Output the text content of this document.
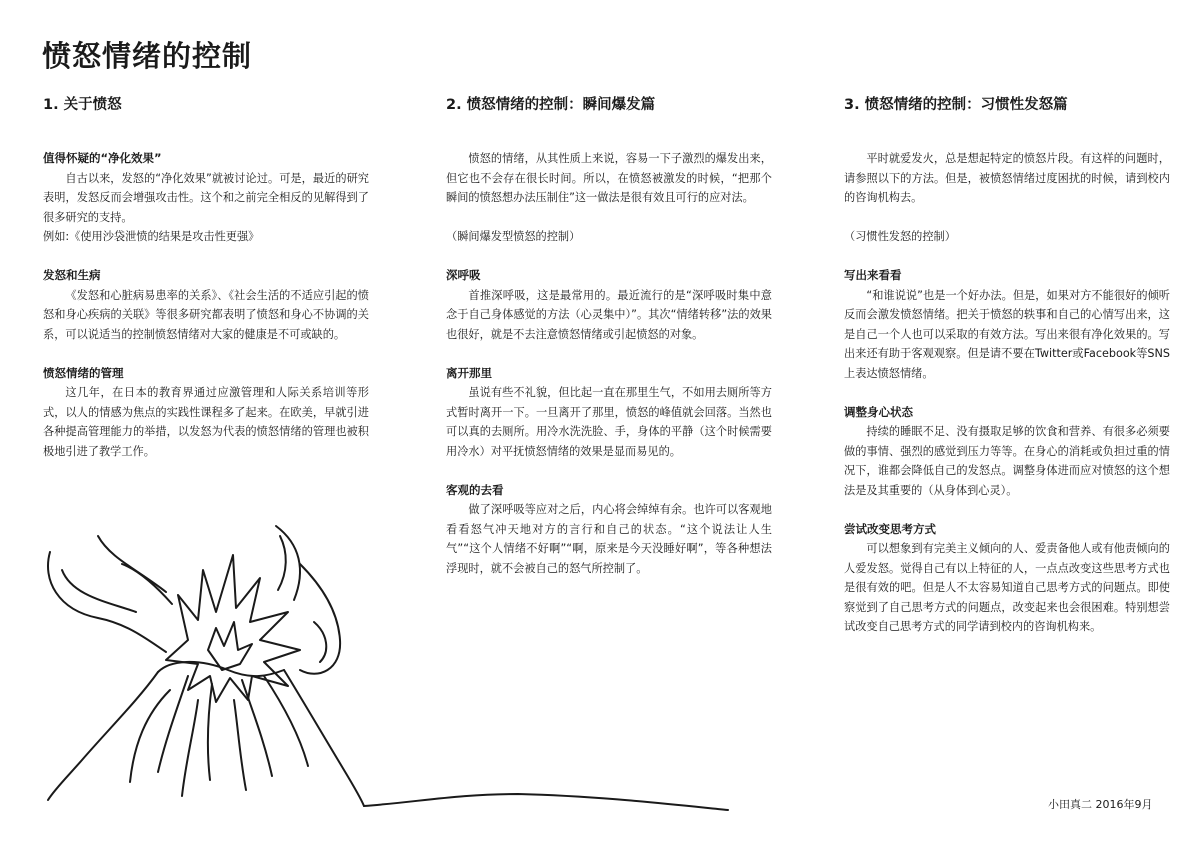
愤怒情绪的控制
1. 关于愤怒

值得怀疑的“净化效果”

自古以来，发怒的“净化效果”就被讨论过。可是，最近的研究表明，发怒反而会增强攻击性。这个和之前完全相反的见解得到了很多研究的支持。

例如:《使用沙袋泄愤的结果是攻击性更强》

发怒和生病

《发怒和心脏病易患率的关系》、《社会生活的不适应引起的愤怒和身心疾病的关联》等很多研究都表明了愤怒和身心不协调的关系，可以说适当的控制愤怒情绪对大家的健康是不可或缺的。

愤怒情绪的管理

这几年，在日本的教育界通过应激管理和人际关系培训等形式，以人的情感为焦点的实践性课程多了起来。在欧美，早就引进各种提高管理能力的举措，以发怒为代表的愤怒情绪的管理也被积极地引进了教学工作。

2. 愤怒情绪的控制：瞬间爆发篇

愤怒的情绪，从其性质上来说，容易一下子激烈的爆发出来，但它也不会存在很长时间。所以，在愤怒被激发的时候，“把那个瞬间的愤怒想办法压制住”这一做法是很有效且可行的应对法。

（瞬间爆发型愤怒的控制）

深呼吸

首推深呼吸，这是最常用的。最近流行的是“深呼吸时集中意念于自己身体感觉的方法（心灵集中）”。其次“情绪转移”法的效果也很好，就是不去注意愤怒情绪或引起愤怒的对象。

离开那里

虽说有些不礼貌，但比起一直在那里生气，不如用去厕所等方式暂时离开一下。一旦离开了那里，愤怒的峰值就会回落。当然也可以真的去厕所。用冷水洗洗脸、手，身体的平静（这个时候需要用冷水）对平抚愤怒情绪的效果是显而易见的。

客观的去看

做了深呼吸等应对之后，内心将会绰绰有余。也许可以客观地看看怒气冲天地对方的言行和自己的状态。“这个说法让人生气”“这个人情绪不好啊”“啊，原来是今天没睡好啊”，等各种想法浮现时，就不会被自己的怒气所控制了。

3. 愤怒情绪的控制：习惯性发怒篇

平时就爱发火，总是想起特定的愤怒片段。有这样的问题时，请参照以下的方法。但是，被愤怒情绪过度困扰的时候，请到校内的咨询机构去。

（习惯性发怒的控制）

写出来看看

“和谁说说”也是一个好办法。但是，如果对方不能很好的倾听反而会激发愤怒情绪。把关于愤怒的轶事和自己的心情写出来，这是自己一个人也可以采取的有效方法。写出来很有净化效果的。写出来还有助于客观观察。但是请不要在Twitter或Facebook等SNS上表达愤怒情绪。

调整身心状态

持续的睡眠不足、没有摄取足够的饮食和营养、有很多必须要做的事情、强烈的感觉到压力等等。在身心的消耗或负担过重的情况下，谁都会降低自己的发怒点。调整身体进而应对愤怒的这个想法是及其重要的（从身体到心灵）。

尝试改变思考方式

可以想象到有完美主义倾向的人、爱责备他人或有他责倾向的人爱发怒。觉得自己有以上特征的人，一点点改变这些思考方式也是很有效的吧。但是人不太容易知道自己思考方式的问题点。即使察觉到了自己思考方式的问题点，改变起来也会很困难。特别想尝试改变自己思考方式的同学请到校内的咨询机构来。

小田真二 2016年9月
